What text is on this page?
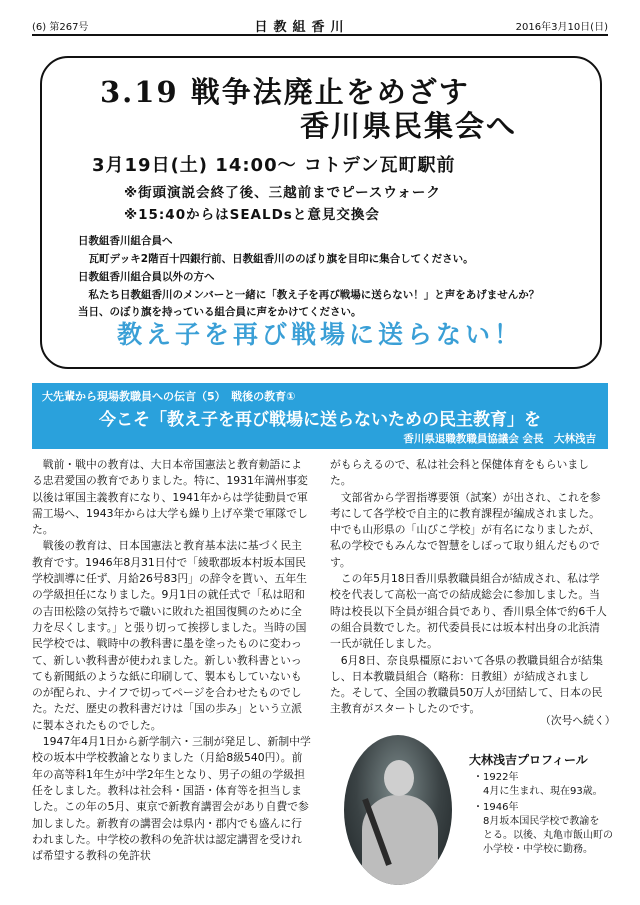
(6) 第267号	日教組香川	2016年3月10日(日)
3.19 戦争法廃止をめざす
香川県民集会へ
3月19日(土) 14:00～ コトデン瓦町駅前
※街頭演説会終了後、三越前までピースウォーク
※15:40からはSEALDsと意見交換会
日教組香川組合員へ
　瓦町デッキ2階百十四銀行前、日教組香川ののぼり旗を目印に集合してください。
日教組香川組合員以外の方へ
　私たち日教組香川のメンバーと一緒に「教え子を再び戦場に送らない！」と声をあげませんか？
当日、のぼり旗を持っている組合員に声をかけてください。
教え子を再び戦場に送らない！
大先輩から現場教職員への伝言（5）　戦後の教育①
今こそ「教え子を再び戦場に送らないための民主教育」を
香川県退職教職員協議会 会長　大林浅吉

戦前・戦中の教育は、大日本帝国憲法と教育勅語による忠君愛国の教育でありました。特に、1931年満州事変以後は軍国主義教育になり、1941年からは学徒動員で軍需工場へ、1943年からは大学も繰り上げ卒業で軍隊でした。

戦後の教育は、日本国憲法と教育基本法に基づく民主教育です。1946年8月31日付で「綾歌郡坂本村坂本国民学校訓導に任ず、月給26号83円」の辞令を貰い、五年生の学級担任になりました。9月1日の就任式で「私は昭和の吉田松陰の気持ちで職いに敗れた祖国復興のために全力を尽くします。」と張り切って挨拶しました。当時の国民学校では、戦時中の教科書に墨を塗ったものに変わって、新しい教科書が使われました。新しい教科書といっても新聞紙のような紙に印刷して、製本もしていないものが配られ、ナイフで切ってページを合わせたものでした。ただ、歴史の教科書だけは「国の歩み」という立派に製本されたものでした。

1947年4月1日から新学制六・三制が発足し、新制中学校の坂本中学校教諭となりました（月給8級540円）。前年の高等科1年生が中学2年生となり、男子の組の学級担任をしました。教科は社会科・国語・体育等を担当しました。この年の5月、東京で新教育講習会があり自費で参加しました。新教育の講習会は県内・郡内でも盛んに行われました。中学校の教科の免許状は認定講習を受ければ希望する教科の免許状

がもらえるので、私は社会科と保健体育をもらいました。

文部省から学習指導要領（試案）が出され、これを参考にして各学校で自主的に教育課程が編成されました。中でも山形県の「山びこ学校」が有名になりましたが、私の学校でもみんなで智慧をしぼって取り組んだものです。

この年5月18日香川県教職員組合が結成され、私は学校を代表して高松一高での結成総会に参加しました。当時は校長以下全員が組合員であり、香川県全体で約6千人の組合員数でした。初代委員長には坂本村出身の北浜清一氏が就任しました。

6月8日、奈良県橿原において各県の教職員組合が結集し、日本教職員組合（略称：日教組）が結成されました。そして、全国の教職員50万人が団結して、日本の民主教育がスタートしたのです。

（次号へ続く）
大林浅吉プロフィール
・1922年
　4月に生まれ、現在93歳。
・1946年
　8月坂本国民学校で教諭を
　とる。以後、丸亀市飯山町の
　小学校・中学校に勤務。
